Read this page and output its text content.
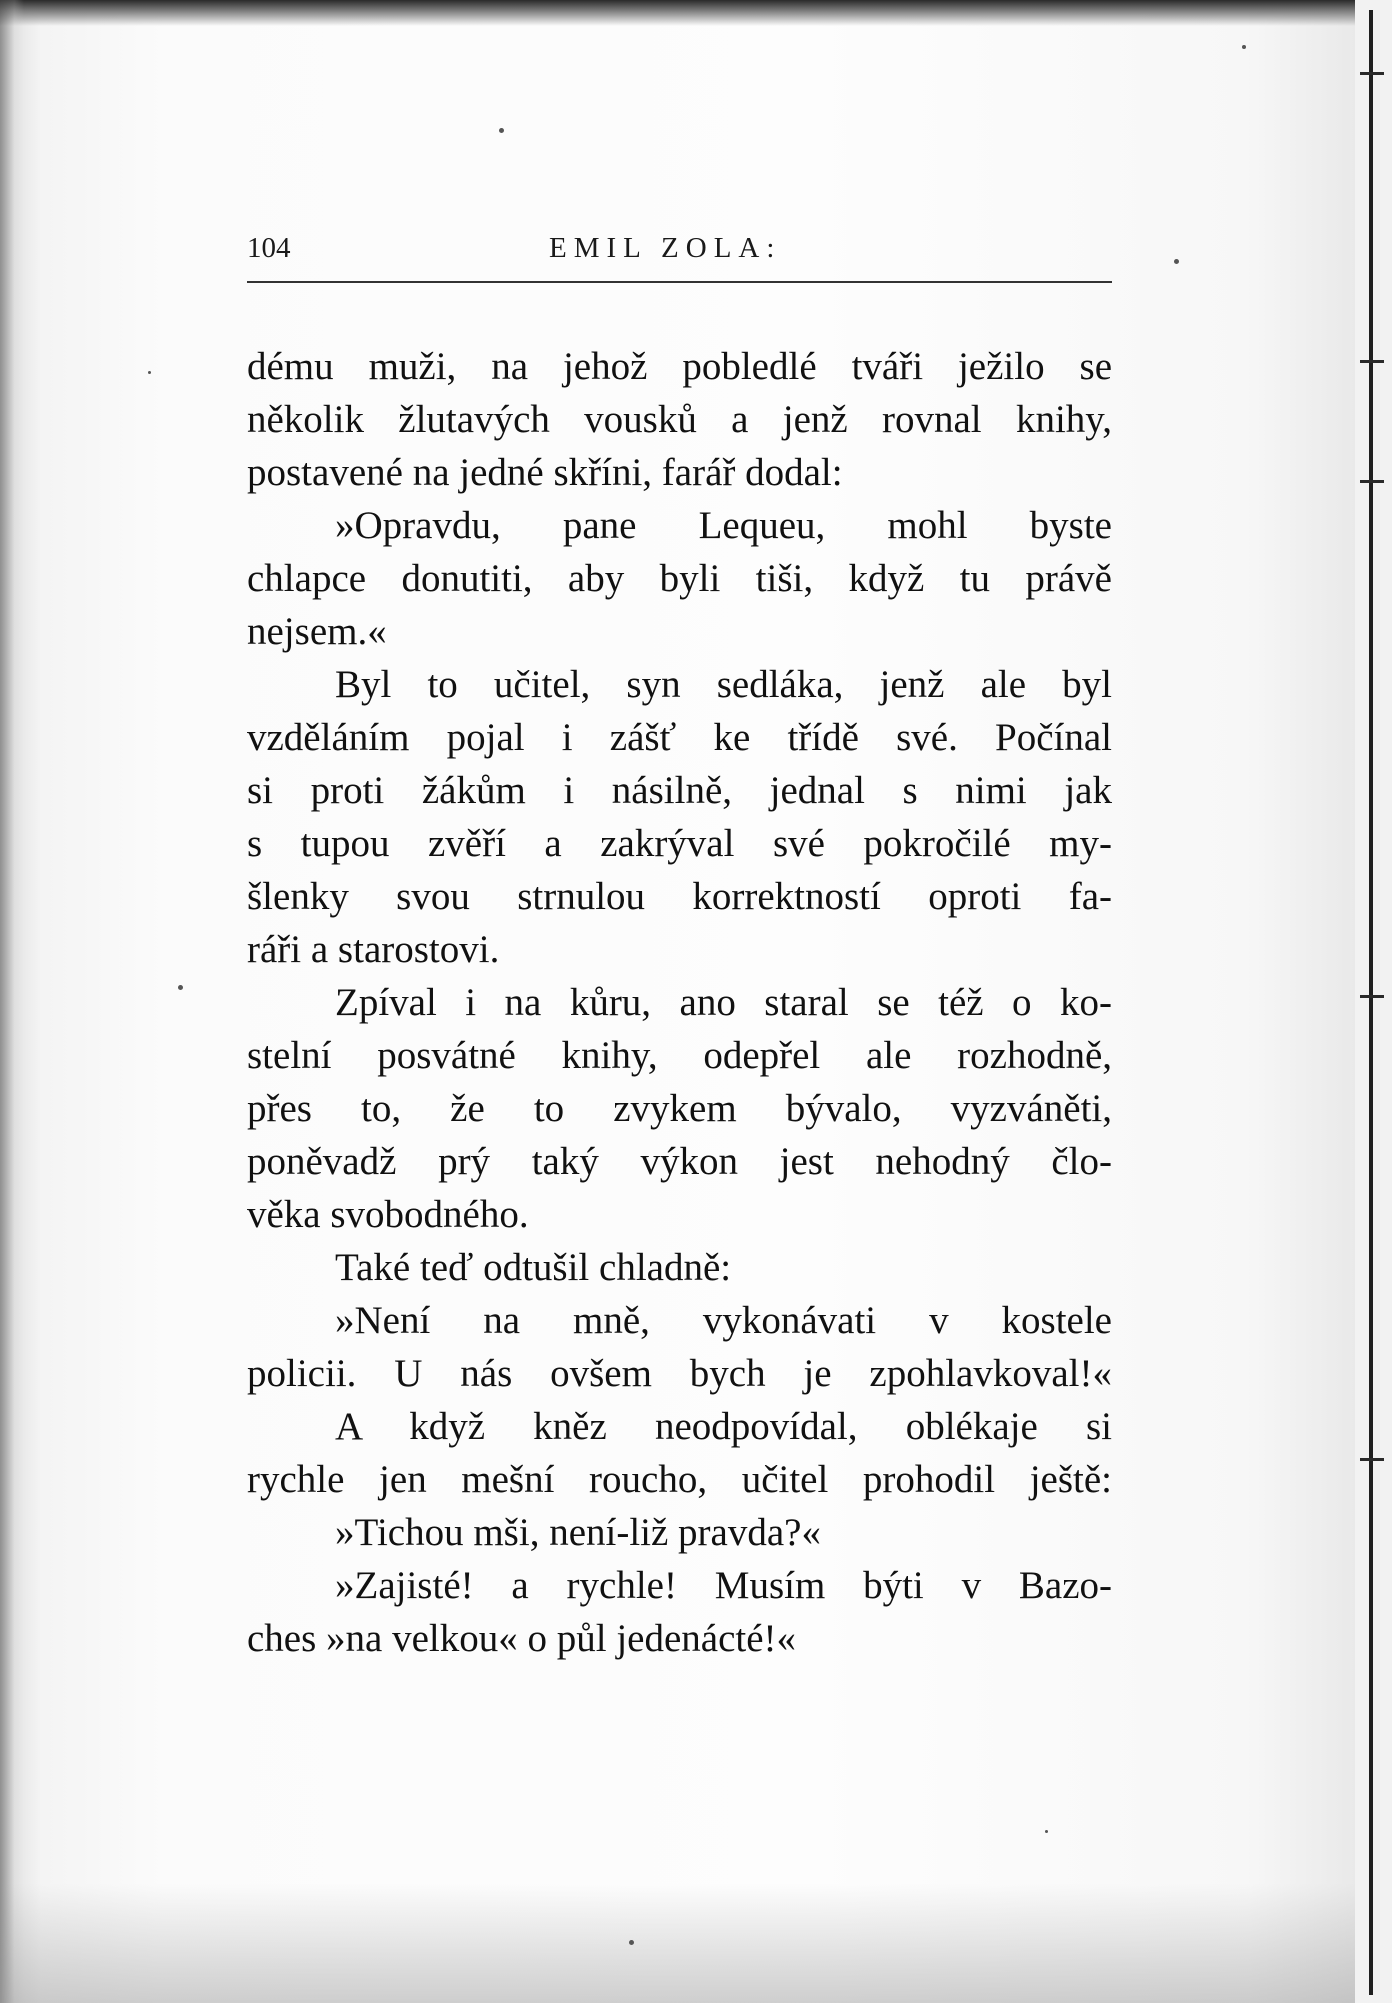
104	EMIL ZOLA:
dému muži, na jehož pobledlé tváři ježilo se
několik žlutavých vousků a jenž rovnal knihy,
postavené na jedné skříni, farář dodal:
»Opravdu, pane Lequeu, mohl byste
chlapce donutiti, aby byli tiši, když tu právě
nejsem.«
Byl to učitel, syn sedláka, jenž ale byl
vzděláním pojal i zášť ke třídě své. Počínal
si proti žákům i násilně, jednal s nimi jak
s tupou zvěří a zakrýval své pokročilé my-
šlenky svou strnulou korrektností oproti fa-
ráři a starostovi.
Zpíval i na kůru, ano staral se též o ko-
stelní posvátné knihy, odepřel ale rozhodně,
přes to, že to zvykem bývalo, vyzváněti,
poněvadž prý taký výkon jest nehodný člo-
věka svobodného.
Také teď odtušil chladně:
»Není na mně, vykonávati v kostele
policii. U nás ovšem bych je zpohlavkoval!«
A když kněz neodpovídal, oblékaje si
rychle jen mešní roucho, učitel prohodil ještě:
»Tichou mši, není-liž pravda?«
»Zajisté! a rychle! Musím býti v Bazo-
ches »na velkou« o půl jedenácté!«
